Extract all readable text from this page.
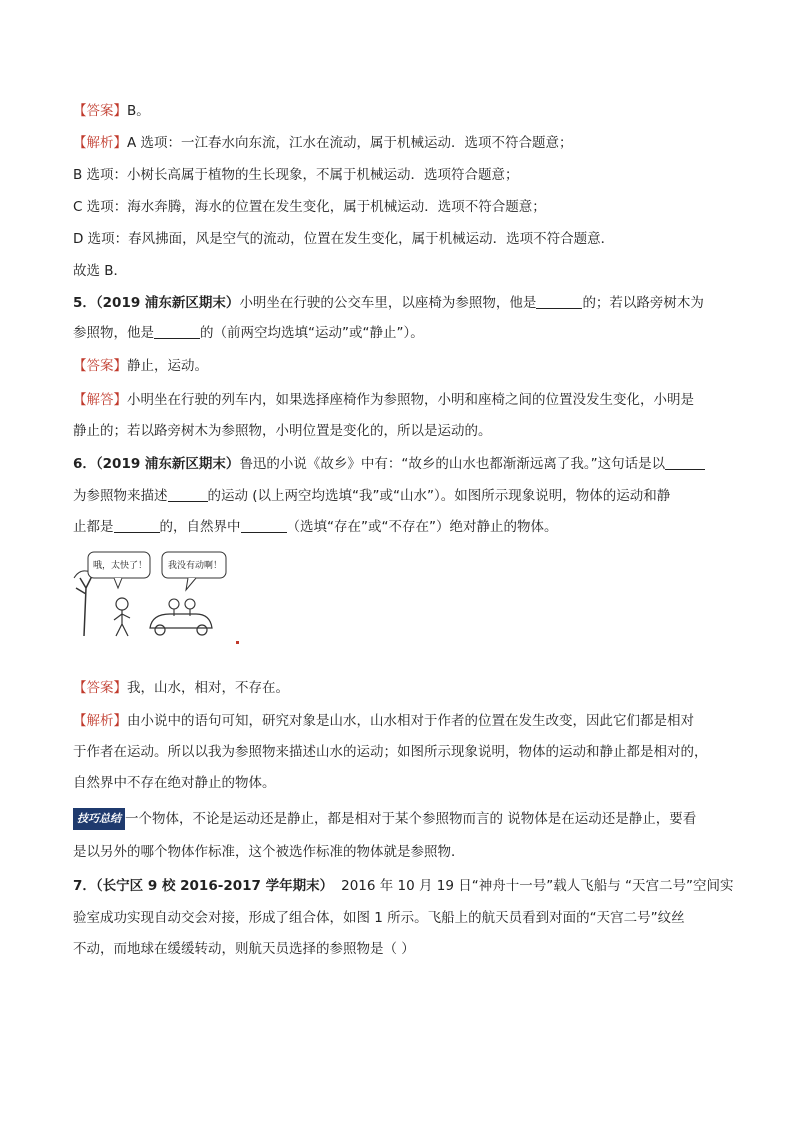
【答案】B。
【解析】A 选项：一江春水向东流，江水在流动，属于机械运动．选项不符合题意；
B 选项：小树长高属于植物的生长现象，不属于机械运动．选项符合题意；
C 选项：海水奔腾，海水的位置在发生变化，属于机械运动．选项不符合题意；
D 选项：春风拂面，风是空气的流动，位置在发生变化，属于机械运动．选项不符合题意．
故选 B．
5．（2019 浦东新区期末）小明坐在行驶的公交车里，以座椅为参照物，他是	的；若以路旁树木为
参照物，他是	的（前两空均选填“运动”或“静止”）。
【答案】静止，运动。
【解答】小明坐在行驶的列车内，如果选择座椅作为参照物，小明和座椅之间的位置没发生变化，小明是
静止的；若以路旁树木为参照物，小明位置是变化的，所以是运动的。
6．（2019 浦东新区期末）鲁迅的小说《故乡》中有：“故乡的山水也都渐渐远离了我。”这句话是以
为参照物来描述	的运动 (以上两空均选填“我”或“山水”）。如图所示现象说明，物体的运动和静
止都是	的，自然界中	（选填“存在”或“不存在”）绝对静止的物体。
哦，太快了！ 我没有动啊！
【答案】我，山水，相对，不存在。
【解析】由小说中的语句可知，研究对象是山水，山水相对于作者的位置在发生改变，因此它们都是相对
于作者在运动。所以以我为参照物来描述山水的运动；如图所示现象说明，物体的运动和静止都是相对的，
自然界中不存在绝对静止的物体。
技巧总结 一个物体，不论是运动还是静止，都是相对于某个参照物而言的 说物体是在运动还是静止，要看
是以另外的哪个物体作标准，这个被选作标准的物体就是参照物．
7．（长宁区 9 校 2016-2017 学年期末） 2016 年 10 月 19 日“神舟十一号”载人飞船与 “天宫二号”空间实
验室成功实现自动交会对接，形成了组合体，如图 1 所示。飞船上的航天员看到对面的“天宫二号”纹丝
不动，而地球在缓缓转动，则航天员选择的参照物是（ ）
